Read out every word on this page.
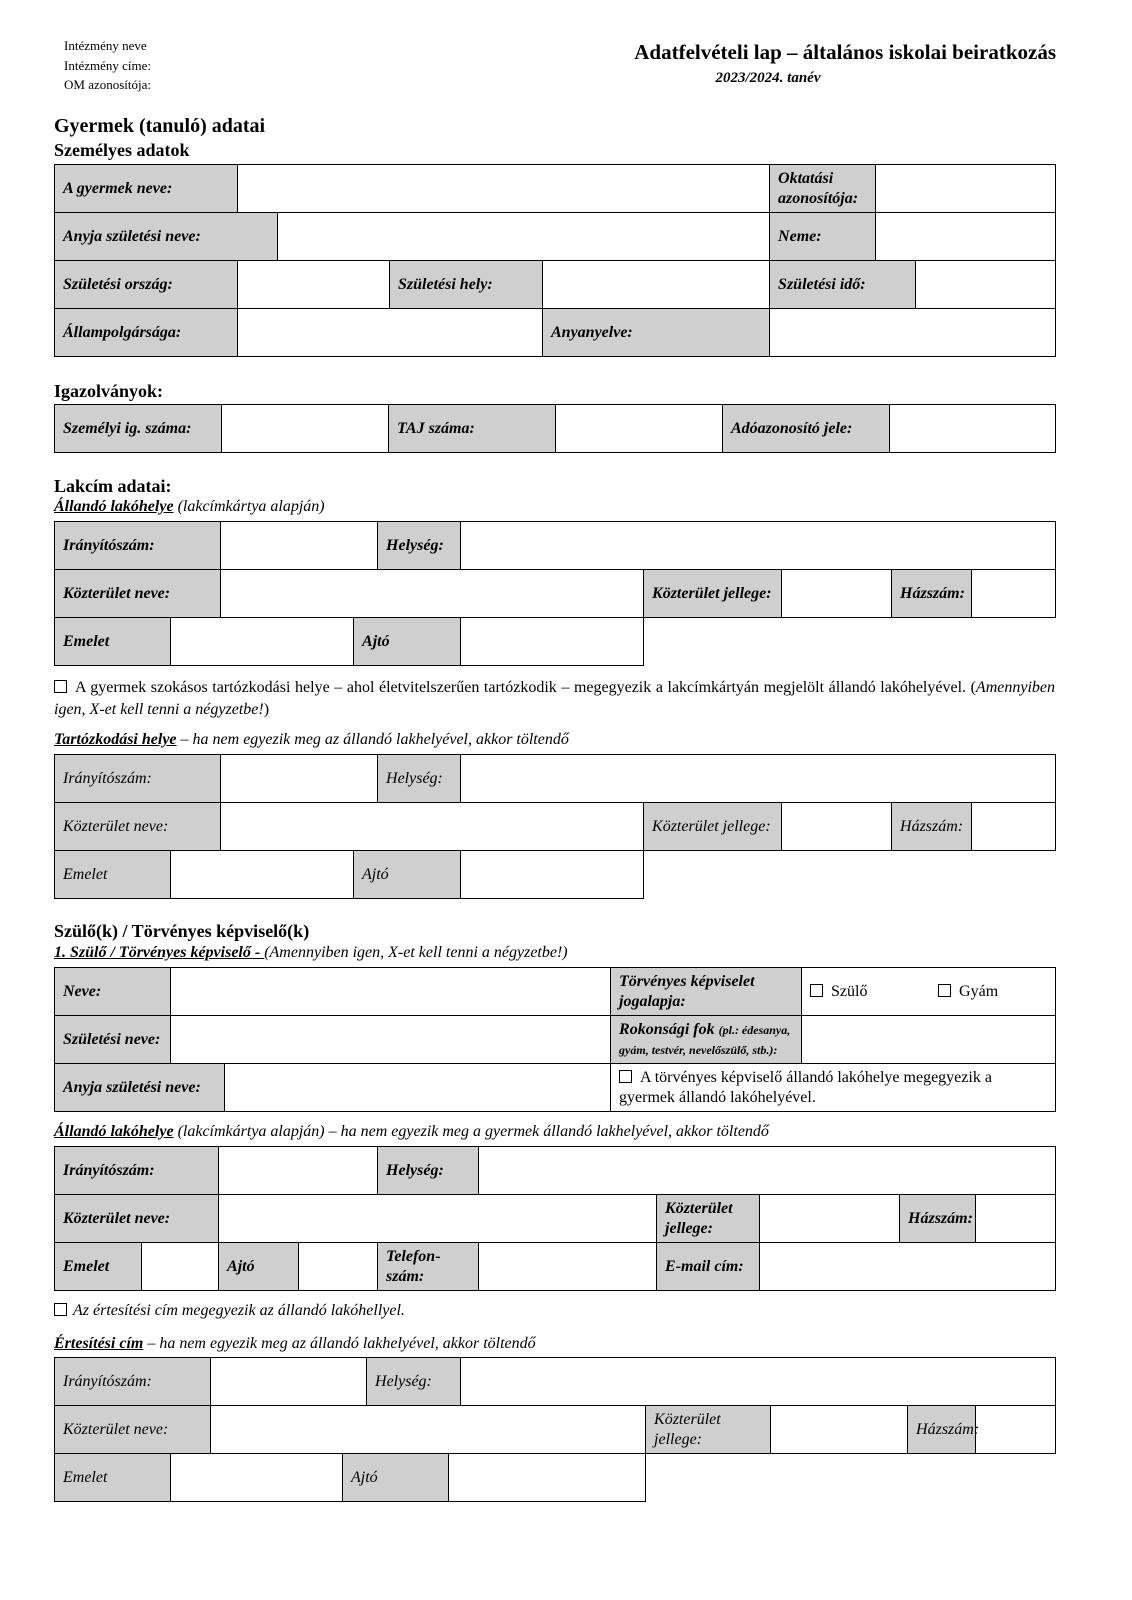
Intézmény neve
Intézmény címe:
OM azonosítója:
Adatfelvételi lap – általános iskolai beiratkozás
2023/2024. tanév
Gyermek (tanuló) adatai
Személyes adatok
A gyermek neve:					Oktatási azonosítója:		
Anyja születési neve:					Neme:		
Születési ország:			Születési hely:		Születési idő:		
Állampolgársága:				Anyanyelve:			
Igazolványok:
Személyi ig. száma:		TAJ száma:		Adóazonosító jele:	
Lakcím adatai:
Állandó lakóhelye (lakcímkártya alapján)
Irányítószám:				Helység:					
Közterület neve:						Közterület jellege:		Házszám:	
Emelet			Ajtó						
A gyermek szokásos tartózkodási helye – ahol életvitelszerűen tartózkodik – megegyezik a lakcímkártyán megjelölt állandó lakóhelyével. (Amennyiben igen, X-et kell tenni a négyzetbe!)
Tartózkodási helye – ha nem egyezik meg az állandó lakhelyével, akkor töltendő
Irányítószám:				Helység:					
Közterület neve:						Közterület jellege:		Házszám:	
Emelet			Ajtó						
Szülő(k) / Törvényes képviselő(k)
1. Szülő / Törvényes képviselő - (Amennyiben igen, X-et kell tenni a négyzetbe!)
Neve:			Törvényes képviselet jogalapja:	Szülő Gyám
Születési neve:			Rokonsági fok (pl.: édesanya, gyám, testvér, nevelőszülő, stb.):	
Anyja születési neve:			A törvényes képviselő állandó lakóhelye megegyezik a gyermek állandó lakóhelyével.	
Állandó lakóhelye (lakcímkártya alapján) – ha nem egyezik meg a gyermek állandó lakhelyével, akkor töltendő
Irányítószám:				Helység:					
Közterület neve:						Közterület jellege:		Házszám:	
Emelet		Ajtó		Telefon-szám:		E-mail cím:			
Az értesítési cím megegyezik az állandó lakóhellyel.
Értesítési cím – ha nem egyezik meg az állandó lakhelyével, akkor töltendő
Irányítószám:				Helység:						
Közterület neve:							Közterület jellege:		Házszám:	
Emelet			Ajtó							
